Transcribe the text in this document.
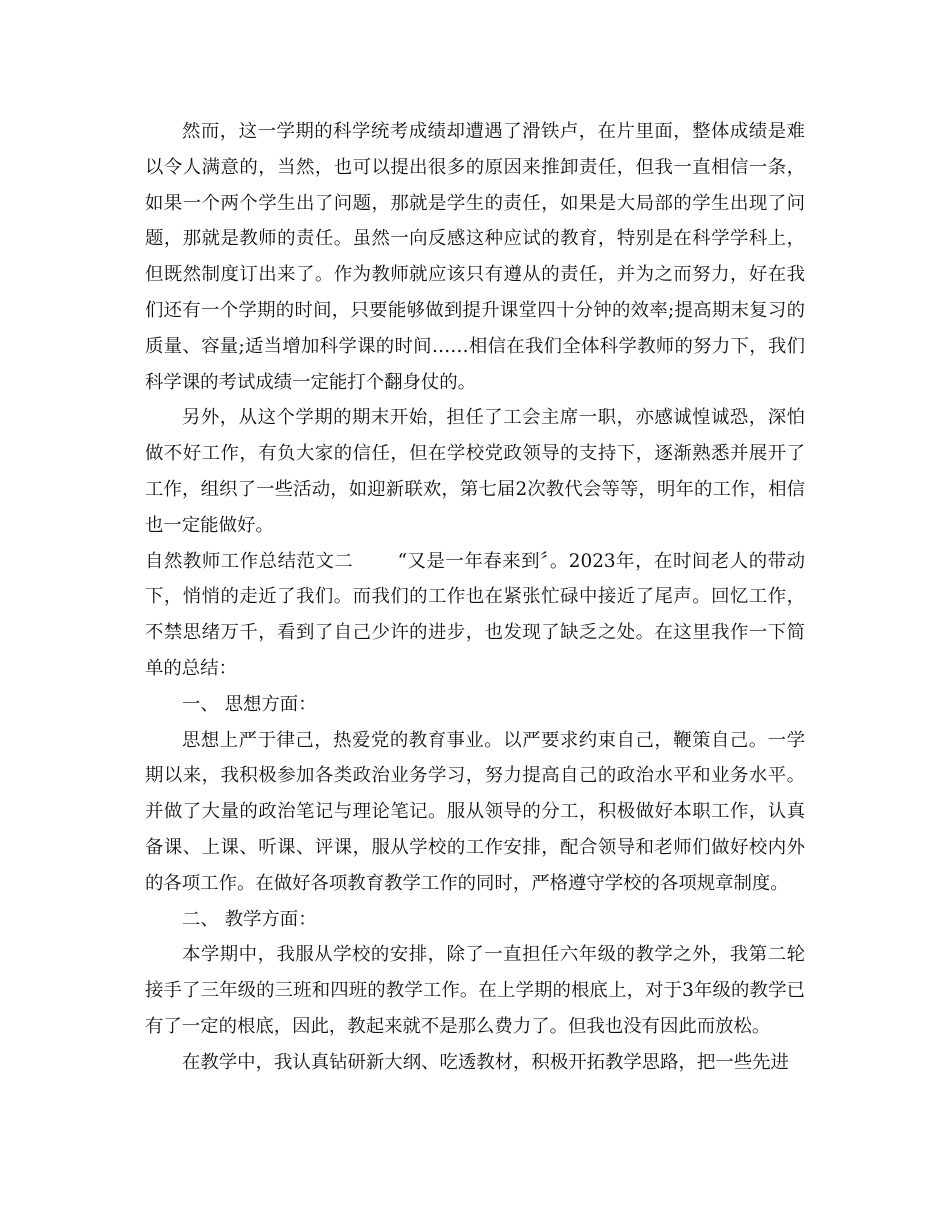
然而，这一学期的科学统考成绩却遭遇了滑铁卢，在片里面，整体成绩是难以令人满意的，当然，也可以提出很多的原因来推卸责任，但我一直相信一条，如果一个两个学生出了问题，那就是学生的责任，如果是大局部的学生出现了问题，那就是教师的责任。虽然一向反感这种应试的教育，特别是在科学学科上，但既然制度订出来了。作为教师就应该只有遵从的责任，并为之而努力，好在我们还有一个学期的时间，只要能够做到提升课堂四十分钟的效率;提高期末复习的质量、容量;适当增加科学课的时间……相信在我们全体科学教师的努力下，我们科学课的考试成绩一定能打个翻身仗的。

另外，从这个学期的期末开始，担任了工会主席一职，亦感诚惶诚恐，深怕做不好工作，有负大家的信任，但在学校党政领导的支持下，逐渐熟悉并展开了工作，组织了一些活动，如迎新联欢，第七届2次教代会等等，明年的工作，相信也一定能做好。

自然教师工作总结范文二　　 “又是一年春来到〞。2023年，在时间老人的带动下，悄悄的走近了我们。而我们的工作也在紧张忙碌中接近了尾声。回忆工作，不禁思绪万千，看到了自己少许的进步，也发现了缺乏之处。在这里我作一下简单的总结：

一、 思想方面：

思想上严于律己，热爱党的教育事业。以严要求约束自己，鞭策自己。一学期以来，我积极参加各类政治业务学习，努力提高自己的政治水平和业务水平。并做了大量的政治笔记与理论笔记。服从领导的分工，积极做好本职工作，认真备课、上课、听课、评课，服从学校的工作安排，配合领导和老师们做好校内外的各项工作。在做好各项教育教学工作的同时，严格遵守学校的各项规章制度。

二、 教学方面：

本学期中，我服从学校的安排，除了一直担任六年级的教学之外，我第二轮接手了三年级的三班和四班的教学工作。在上学期的根底上，对于3年级的教学已有了一定的根底，因此，教起来就不是那么费力了。但我也没有因此而放松。

在教学中，我认真钻研新大纲、吃透教材，积极开拓教学思路，把一些先进
